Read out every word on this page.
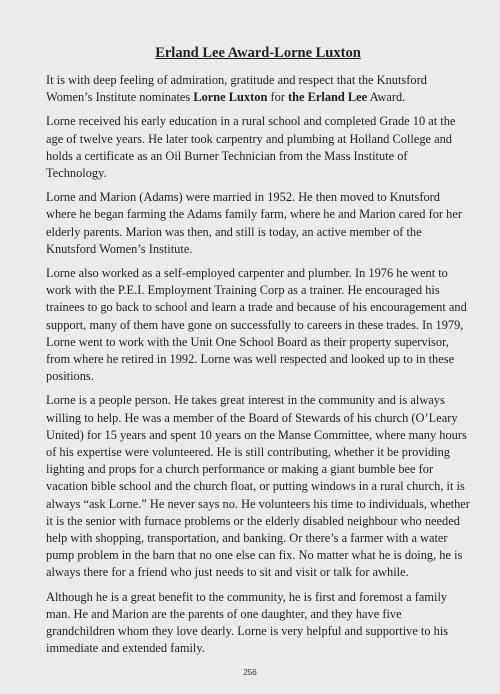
Erland Lee Award-Lorne Luxton

It is with deep feeling of admiration, gratitude and respect that the Knutsford Women’s Institute nominates Lorne Luxton for the Erland Lee Award.

Lorne received his early education in a rural school and completed Grade 10 at the age of twelve years. He later took carpentry and plumbing at Holland College and holds a certificate as an Oil Burner Technician from the Mass Institute of Technology.

Lorne and Marion (Adams) were married in 1952. He then moved to Knutsford where he began farming the Adams family farm, where he and Marion cared for her elderly parents. Marion was then, and still is today, an active member of the Knutsford Women’s Institute.

Lorne also worked as a self-employed carpenter and plumber. In 1976 he went to work with the P.E.I. Employment Training Corp as a trainer. He encouraged his trainees to go back to school and learn a trade and because of his encouragement and support, many of them have gone on successfully to careers in these trades. In 1979, Lorne went to work with the Unit One School Board as their property supervisor, from where he retired in 1992. Lorne was well respected and looked up to in these positions.

Lorne is a people person. He takes great interest in the community and is always willing to help. He was a member of the Board of Stewards of his church (O’Leary United) for 15 years and spent 10 years on the Manse Committee, where many hours of his expertise were volunteered. He is still contributing, whether it be providing lighting and props for a church performance or making a giant bumble bee for vacation bible school and the church float, or putting windows in a rural church, it is always “ask Lorne.” He never says no. He volunteers his time to individuals, whether it is the senior with furnace problems or the elderly disabled neighbour who needed help with shopping, transportation, and banking. Or there’s a farmer with a water pump problem in the barn that no one else can fix. No matter what he is doing, he is always there for a friend who just needs to sit and visit or talk for awhile.

Although he is a great benefit to the community, he is first and foremost a family man. He and Marion are the parents of one daughter, and they have five grandchildren whom they love dearly. Lorne is very helpful and supportive to his immediate and extended family.

256
